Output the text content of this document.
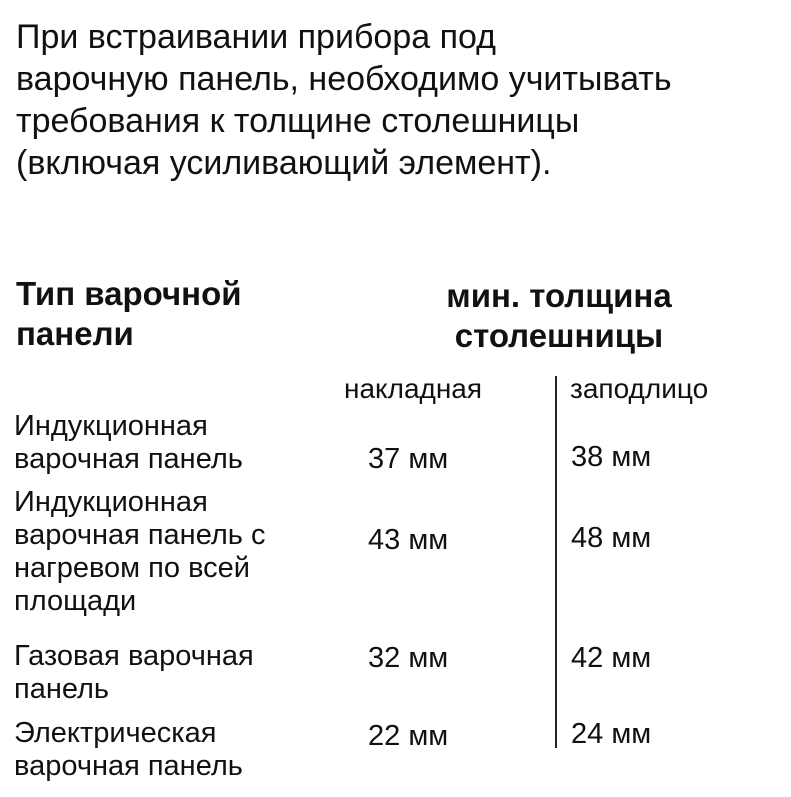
При встраивании прибора под
варочную панель, необходимо учитывать
требования к толщине столешницы
(включая усиливающий элемент).
Тип варочной
панели
мин. толщина
столешницы
накладная	заподлицо
Индукционная
варочная панель	37 мм	38 мм
Индукционная
варочная панель с
нагревом по всей
площади
43 мм	48 мм
Газовая варочная
панель
32 мм	42 мм
Электрическая
варочная панель
22 мм	24 мм
